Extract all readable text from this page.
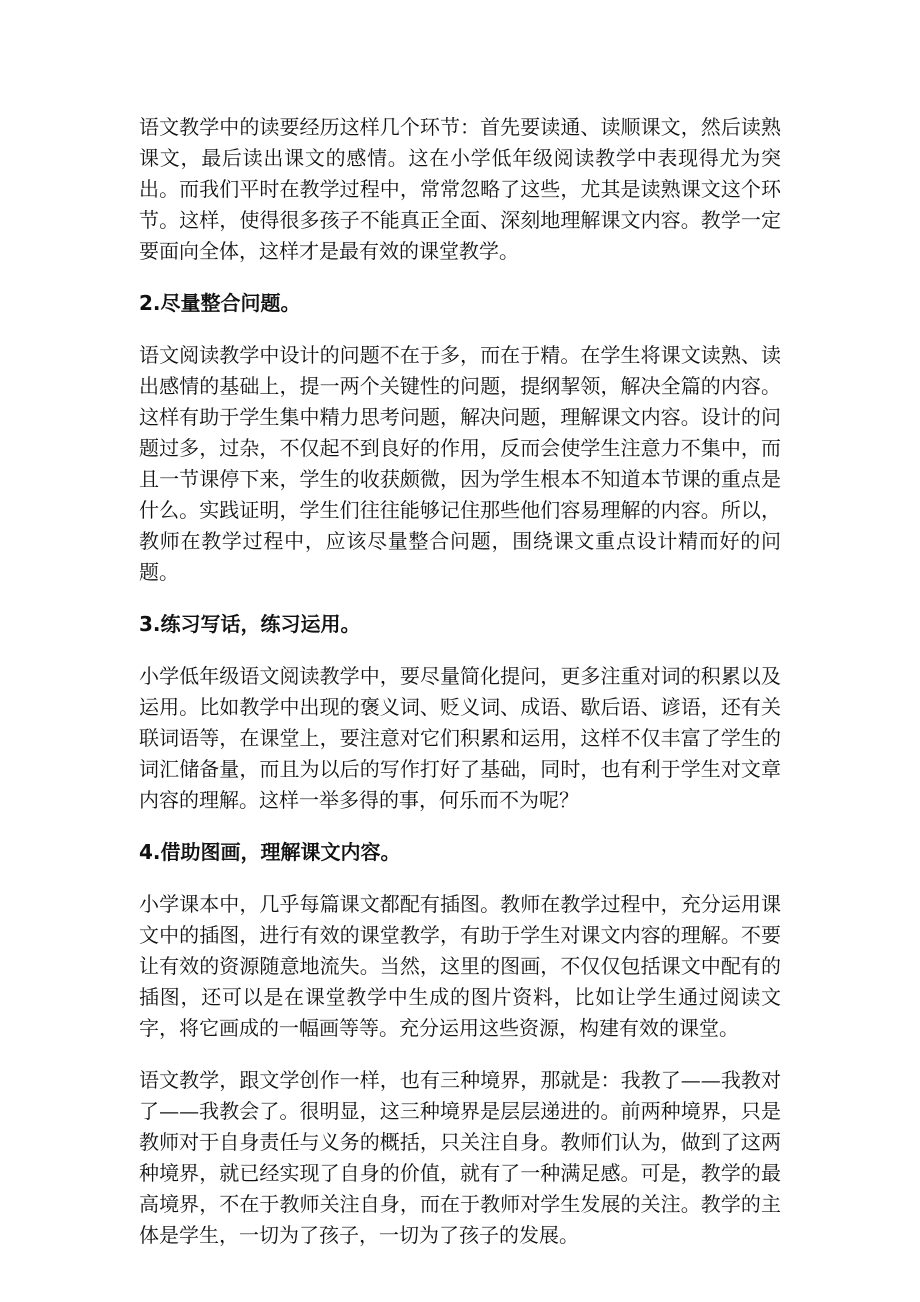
语文教学中的读要经历这样几个环节：首先要读通、读顺课文，然后读熟课文，最后读出课文的感情。这在小学低年级阅读教学中表现得尤为突出。而我们平时在教学过程中，常常忽略了这些，尤其是读熟课文这个环节。这样，使得很多孩子不能真正全面、深刻地理解课文内容。教学一定要面向全体，这样才是最有效的课堂教学。

2.尽量整合问题。

语文阅读教学中设计的问题不在于多，而在于精。在学生将课文读熟、读出感情的基础上，提一两个关键性的问题，提纲挈领，解决全篇的内容。这样有助于学生集中精力思考问题，解决问题，理解课文内容。设计的问题过多，过杂，不仅起不到良好的作用，反而会使学生注意力不集中，而且一节课停下来，学生的收获颇微，因为学生根本不知道本节课的重点是什么。实践证明，学生们往往能够记住那些他们容易理解的内容。所以，教师在教学过程中，应该尽量整合问题，围绕课文重点设计精而好的问题。

3.练习写话，练习运用。

小学低年级语文阅读教学中，要尽量简化提问，更多注重对词的积累以及运用。比如教学中出现的褒义词、贬义词、成语、歇后语、谚语，还有关联词语等，在课堂上，要注意对它们积累和运用，这样不仅丰富了学生的词汇储备量，而且为以后的写作打好了基础，同时，也有利于学生对文章内容的理解。这样一举多得的事，何乐而不为呢？

4.借助图画，理解课文内容。

小学课本中，几乎每篇课文都配有插图。教师在教学过程中，充分运用课文中的插图，进行有效的课堂教学，有助于学生对课文内容的理解。不要让有效的资源随意地流失。当然，这里的图画，不仅仅包括课文中配有的插图，还可以是在课堂教学中生成的图片资料，比如让学生通过阅读文字，将它画成的一幅画等等。充分运用这些资源，构建有效的课堂。

语文教学，跟文学创作一样，也有三种境界，那就是：我教了——我教对了——我教会了。很明显，这三种境界是层层递进的。前两种境界，只是教师对于自身责任与义务的概括，只关注自身。教师们认为，做到了这两种境界，就已经实现了自身的价值，就有了一种满足感。可是，教学的最高境界，不在于教师关注自身，而在于教师对学生发展的关注。教学的主体是学生，一切为了孩子，一切为了孩子的发展。
